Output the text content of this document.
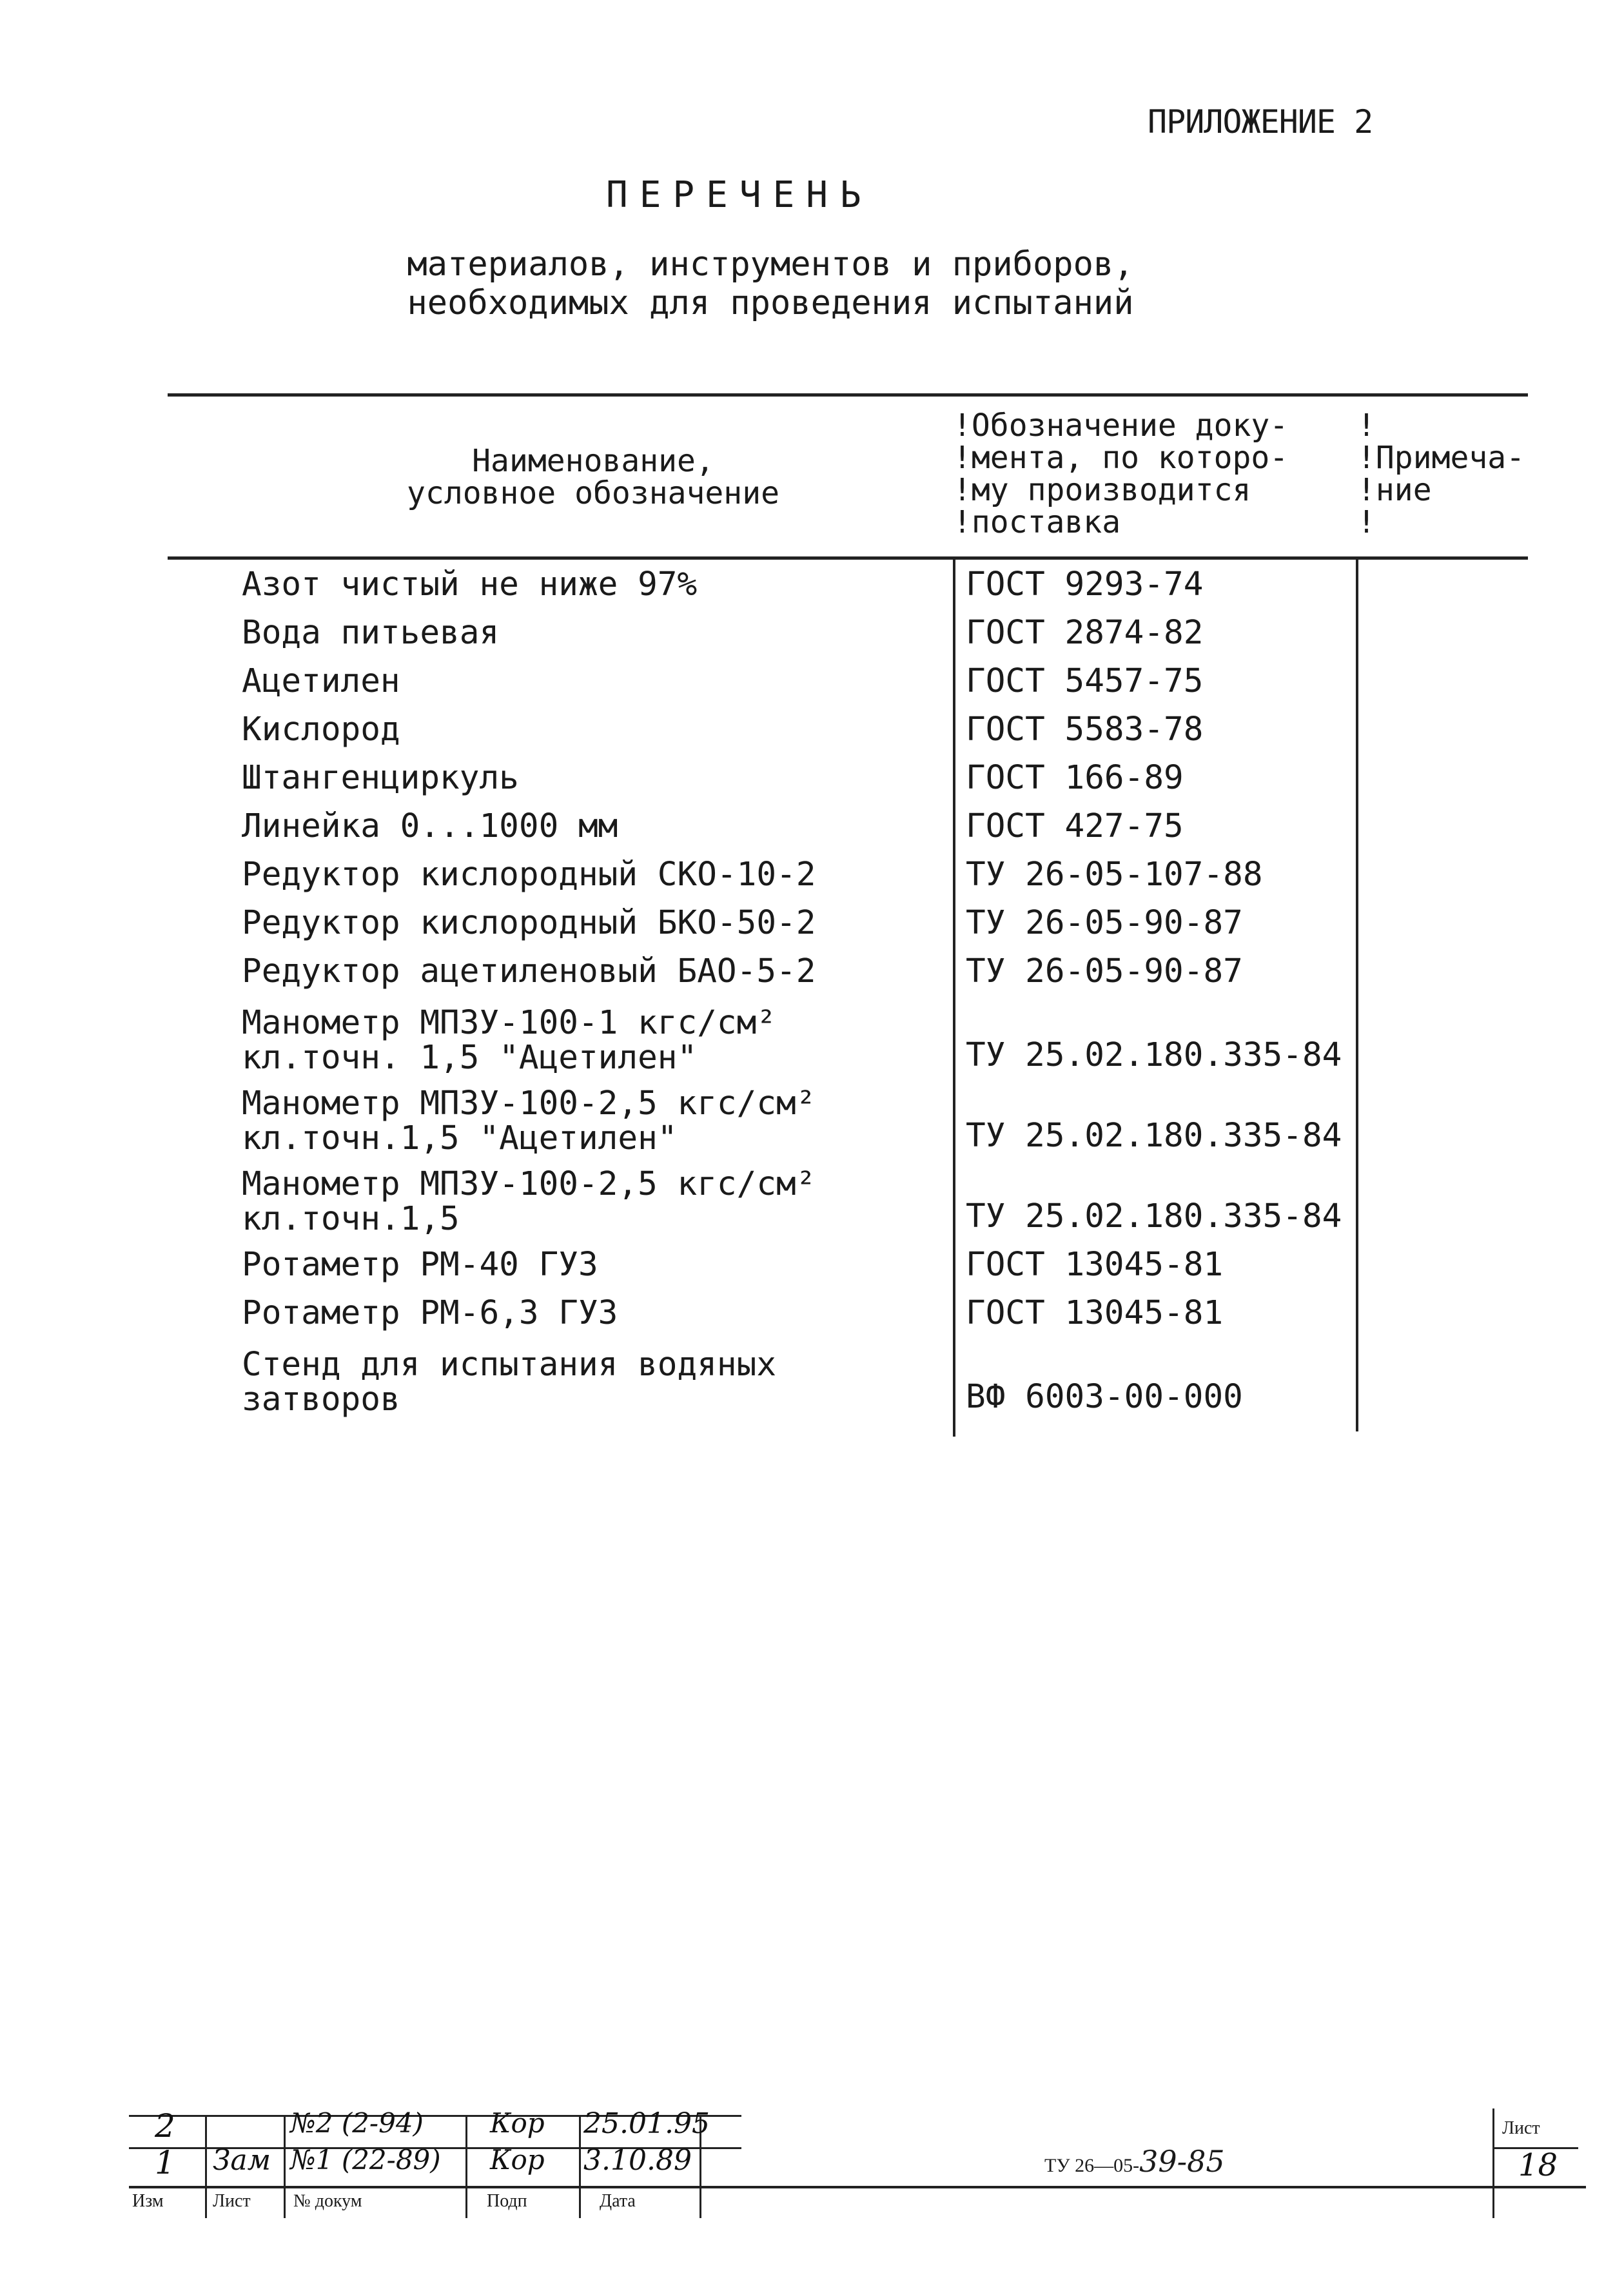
ПРИЛОЖЕНИЕ 2
ПЕРЕЧЕНЬ
материалов, инструментов и приборов,
необходимых для проведения испытаний
Наименование,
условное обозначение
!Обозначение доку-
!мента, по которо-
!му производится
!поставка
!
!Примеча-
!ние
!
Азот чистый не ниже 97%	ГОСТ 9293-74
Вода питьевая	ГОСТ 2874-82
Ацетилен	ГОСТ 5457-75
Кислород	ГОСТ 5583-78
Штангенциркуль	ГОСТ 166-89
Линейка 0...1000 мм	ГОСТ 427-75
Редуктор кислородный СКО-10-2	ТУ 26-05-107-88
Редуктор кислородный БКО-50-2	ТУ 26-05-90-87
Редуктор ацетиленовый БАО-5-2	ТУ 26-05-90-87
Манометр МПЗУ-100-1 кгс/см²
кл.точн. 1,5 "Ацетилен"	ТУ 25.02.180.335-84
Манометр МПЗУ-100-2,5 кгс/см²
кл.точн.1,5 "Ацетилен"	ТУ 25.02.180.335-84
Манометр МПЗУ-100-2,5 кгс/см²
кл.точн.1,5	ТУ 25.02.180.335-84
Ротаметр РМ-40 ГУЗ	ГОСТ 13045-81
Ротаметр РМ-6,3 ГУЗ	ГОСТ 13045-81
Стенд для испытания водяных
затворов	ВФ 6003-00-000
2	№2 (2-94) Кор 25.01.95
1 Зам №1 (22-89) Кор 3.10.89
Изм	Лист № докум	Подп	Дата
ТУ 26—05-39-85
Лист
18
